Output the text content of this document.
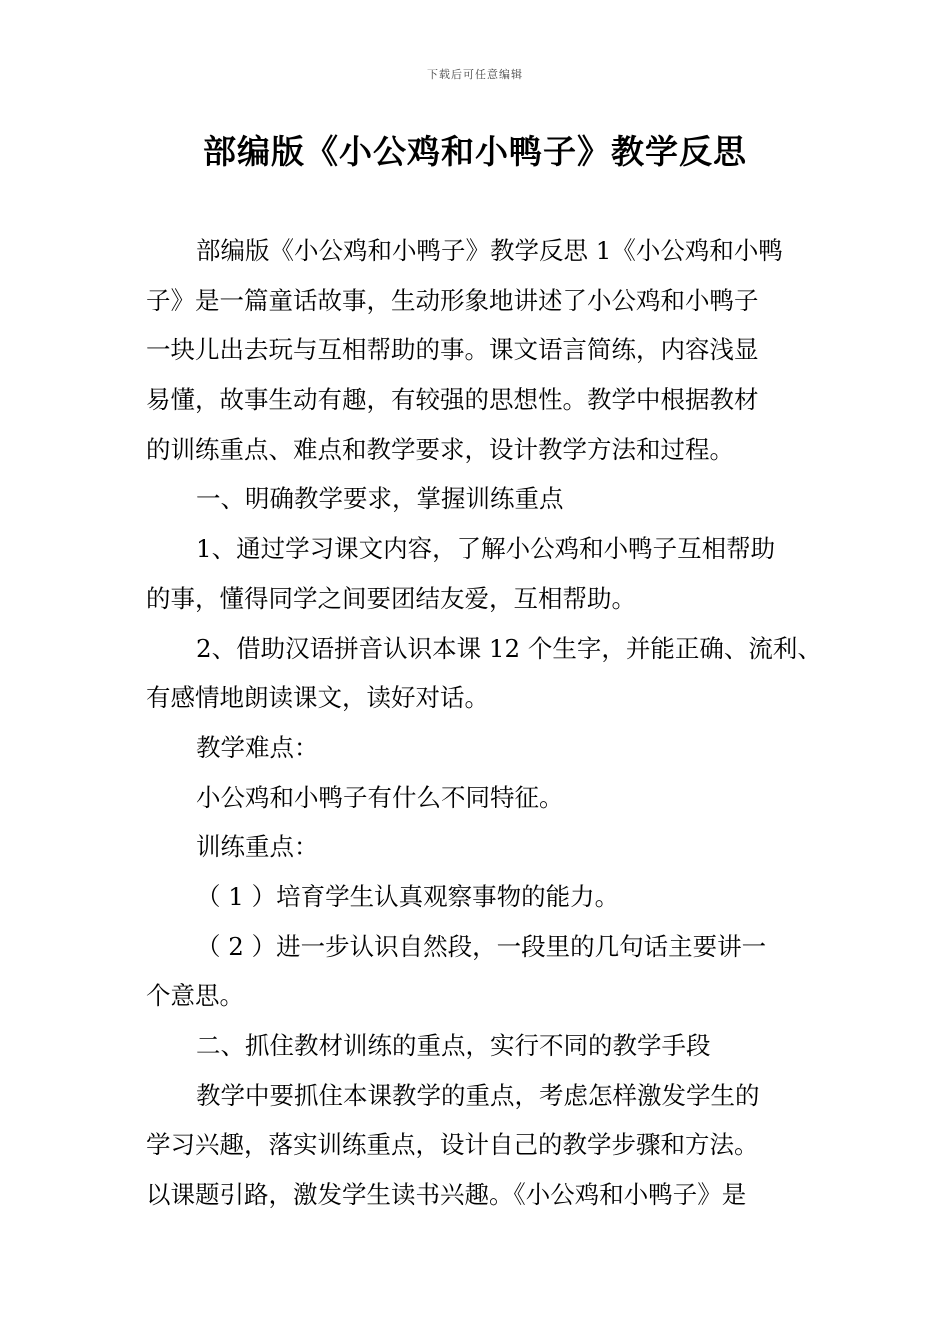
下载后可任意编辑
部编版《小公鸡和小鸭子》教学反思
部编版《小公鸡和小鸭子》教学反思 1《小公鸡和小鸭
子》是一篇童话故事，生动形象地讲述了小公鸡和小鸭子
一块儿出去玩与互相帮助的事。课文语言简练，内容浅显
易懂，故事生动有趣，有较强的思想性。教学中根据教材
的训练重点、难点和教学要求，设计教学方法和过程。
一、明确教学要求，掌握训练重点
1、通过学习课文内容，了解小公鸡和小鸭子互相帮助
的事，懂得同学之间要团结友爱，互相帮助。
2、借助汉语拼音认识本课 12 个生字，并能正确、流利、
有感情地朗读课文，读好对话。
教学难点：
小公鸡和小鸭子有什么不同特征。
训练重点：
（ 1 ）培育学生认真观察事物的能力。
（ 2 ）进一步认识自然段，一段里的几句话主要讲一
个意思。
二、抓住教材训练的重点，实行不同的教学手段
教学中要抓住本课教学的重点，考虑怎样激发学生的
学习兴趣，落实训练重点，设计自己的教学步骤和方法。
以课题引路，激发学生读书兴趣。《小公鸡和小鸭子》是
